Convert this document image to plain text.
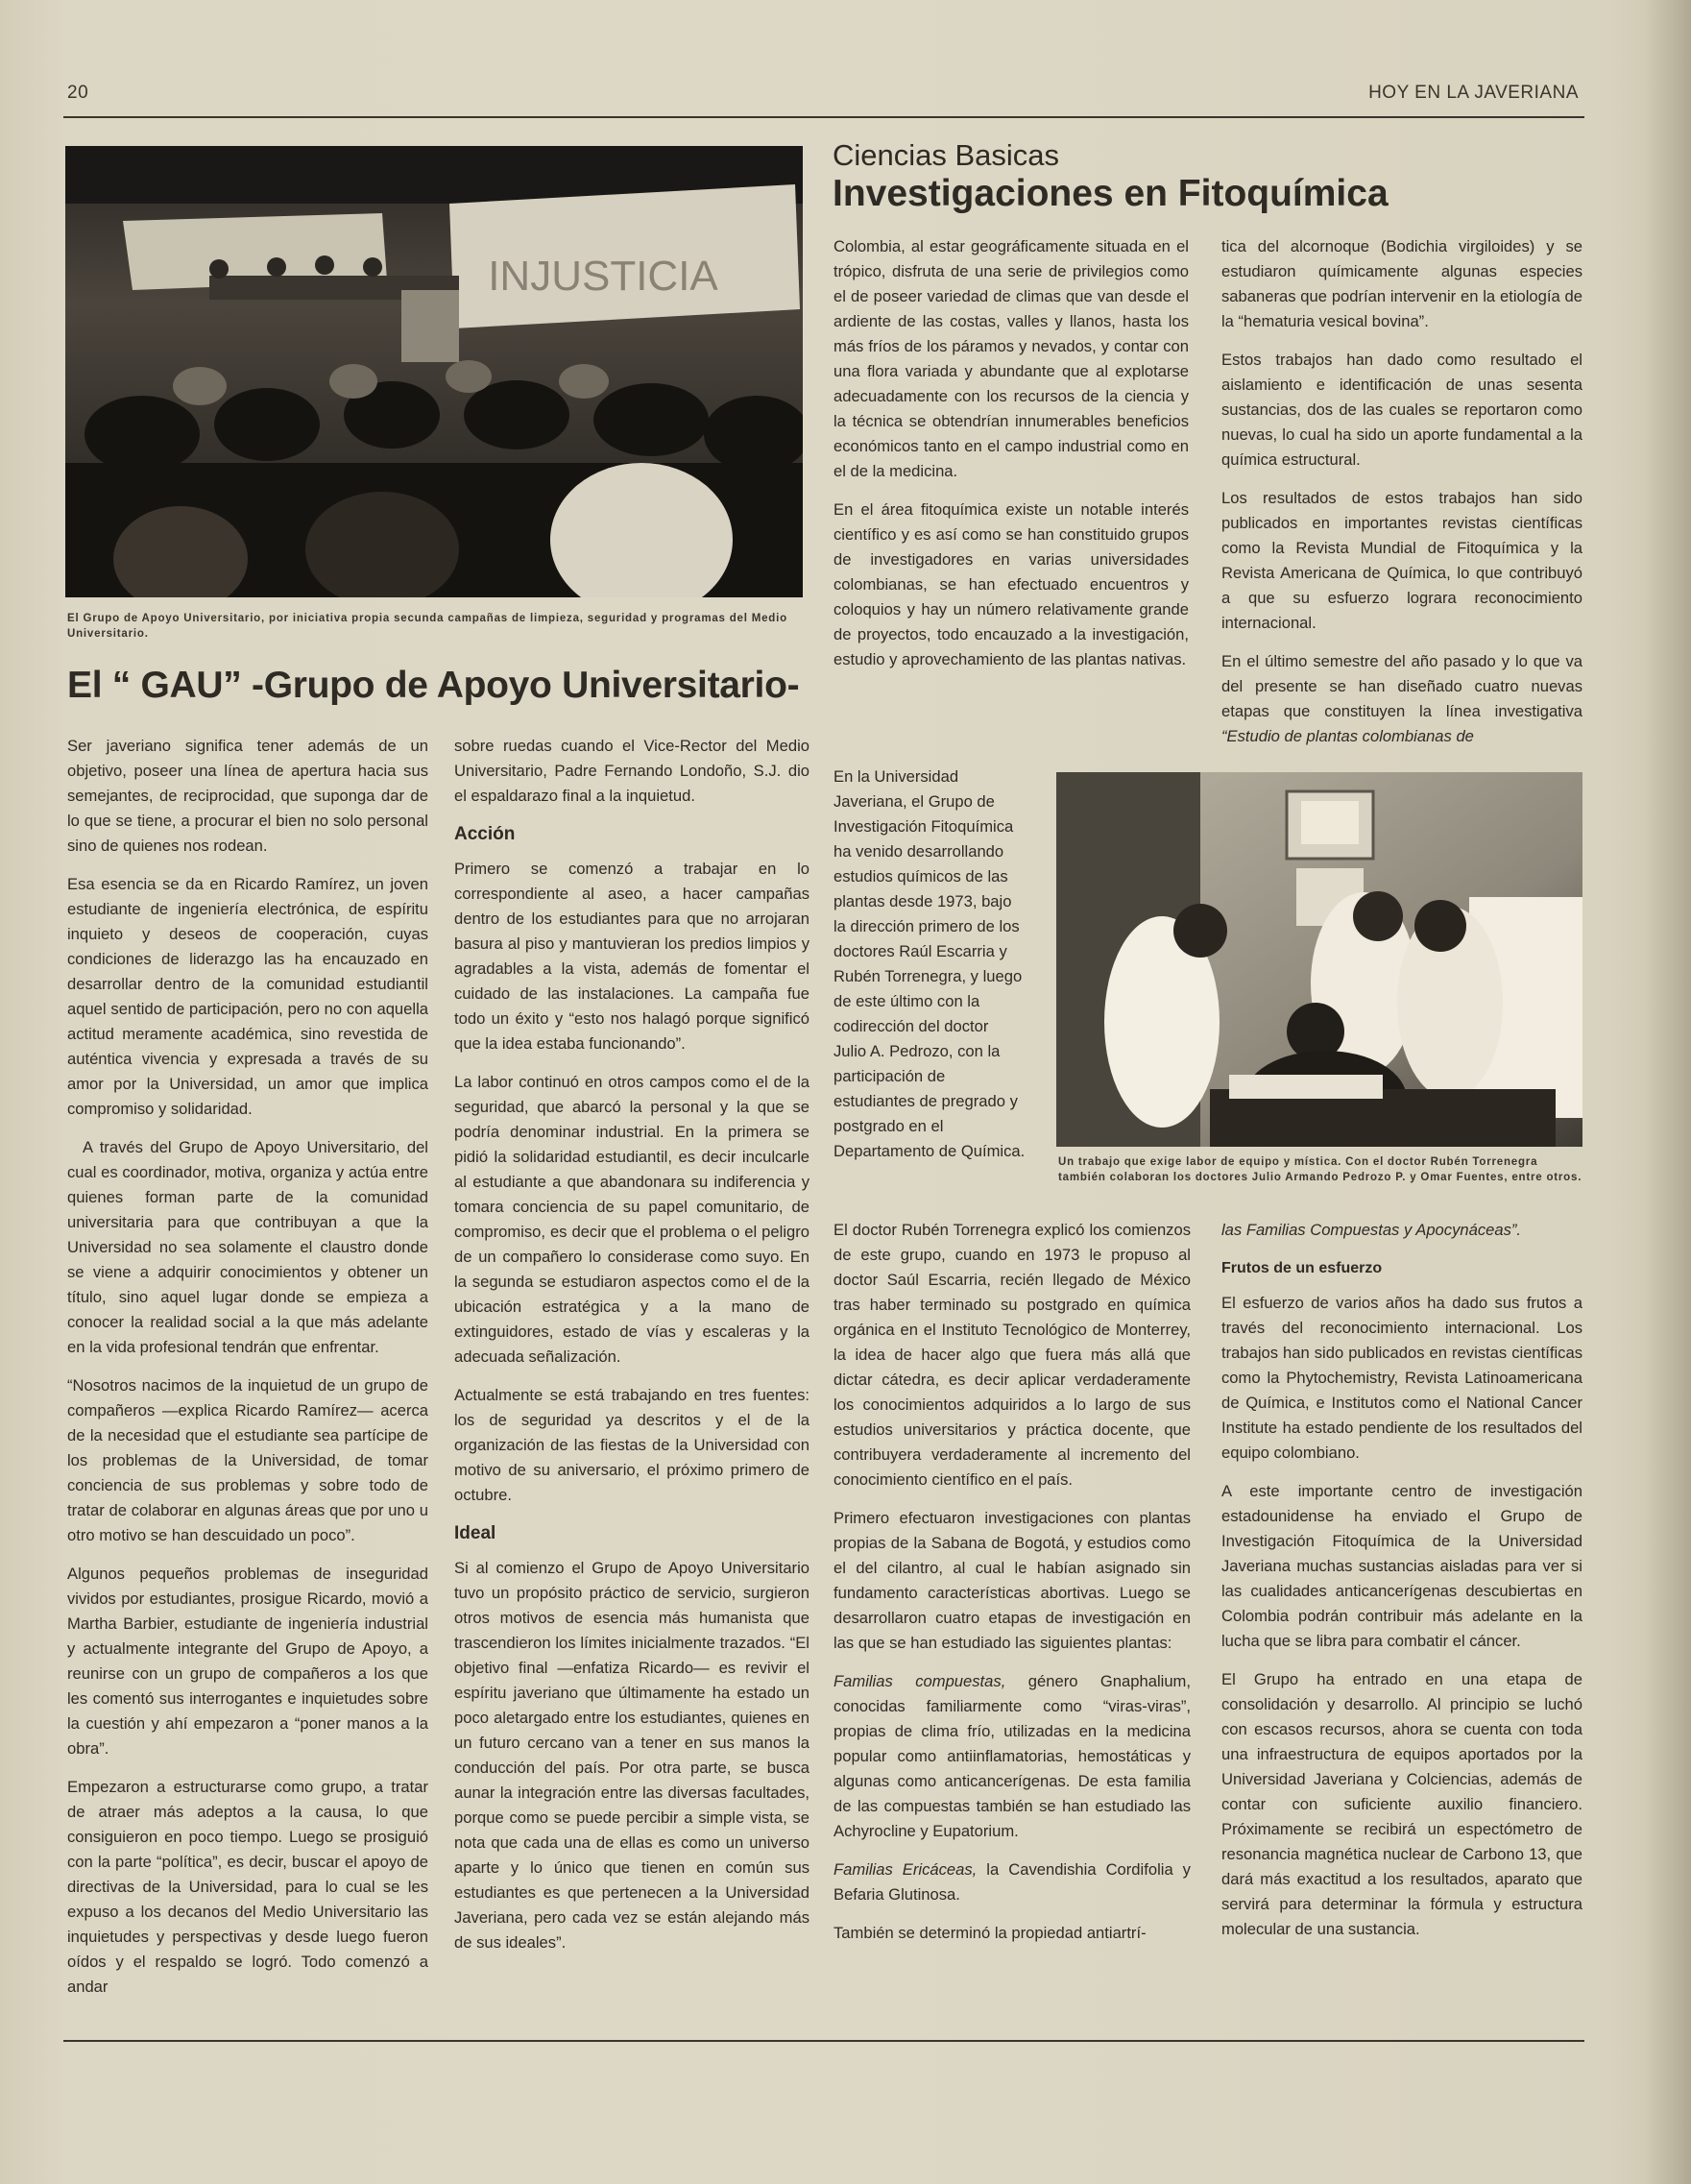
20	HOY EN LA JAVERIANA
INJUSTICIA
El Grupo de Apoyo Universitario, por iniciativa propia secunda campañas de limpieza, seguridad y programas del Medio Universitario.
El “ GAU” -Grupo de Apoyo Universitario-

Ser javeriano significa tener además de un objetivo, poseer una línea de apertura hacia sus semejantes, de reciprocidad, que suponga dar de lo que se tiene, a procurar el bien no solo personal sino de quienes nos rodean.

Esa esencia se da en Ricardo Ramírez, un joven estudiante de ingeniería electrónica, de espíritu inquieto y deseos de cooperación, cuyas condiciones de liderazgo las ha encauzado en desarrollar dentro de la comunidad estudiantil aquel sentido de participación, pero no con aquella actitud meramente académica, sino revestida de auténtica vivencia y expresada a través de su amor por la Universidad, un amor que implica compromiso y solidaridad.

A través del Grupo de Apoyo Universitario, del cual es coordinador, motiva, organiza y actúa entre quienes forman parte de la comunidad universitaria para que contribuyan a que la Universidad no sea solamente el claustro donde se viene a adquirir conocimientos y obtener un título, sino aquel lugar donde se empieza a conocer la realidad social a la que más adelante en la vida profesional tendrán que enfrentar.

“Nosotros nacimos de la inquietud de un grupo de compañeros —explica Ricardo Ramírez— acerca de la necesidad que el estudiante sea partícipe de los problemas de la Universidad, de tomar conciencia de sus problemas y sobre todo de tratar de colaborar en algunas áreas que por uno u otro motivo se han descuidado un poco”.

Algunos pequeños problemas de inseguridad vividos por estudiantes, prosigue Ricardo, movió a Martha Barbier, estudiante de ingeniería industrial y actualmente integrante del Grupo de Apoyo, a reunirse con un grupo de compañeros a los que les comentó sus interrogantes e inquietudes sobre la cuestión y ahí empezaron a “poner manos a la obra”.

Empezaron a estructurarse como grupo, a tratar de atraer más adeptos a la causa, lo que consiguieron en poco tiempo. Luego se prosiguió con la parte “política”, es decir, buscar el apoyo de directivas de la Universidad, para lo cual se les expuso a los decanos del Medio Universitario las inquietudes y perspectivas y desde luego fueron oídos y el respaldo se logró. Todo comenzó a andar

sobre ruedas cuando el Vice-Rector del Medio Universitario, Padre Fernando Londoño, S.J. dio el espaldarazo final a la inquietud.

Acción

Primero se comenzó a trabajar en lo correspondiente al aseo, a hacer campañas dentro de los estudiantes para que no arrojaran basura al piso y mantuvieran los predios limpios y agradables a la vista, además de fomentar el cuidado de las instalaciones. La campaña fue todo un éxito y “esto nos halagó porque significó que la idea estaba funcionando”.

La labor continuó en otros campos como el de la seguridad, que abarcó la personal y la que se podría denominar industrial. En la primera se pidió la solidaridad estudiantil, es decir inculcarle al estudiante a que abandonara su indiferencia y tomara conciencia de su papel comunitario, de compromiso, es decir que el problema o el peligro de un compañero lo considerase como suyo. En la segunda se estudiaron aspectos como el de la ubicación estratégica y a la mano de extinguidores, estado de vías y escaleras y la adecuada señalización.

Actualmente se está trabajando en tres fuentes: los de seguridad ya descritos y el de la organización de las fiestas de la Universidad con motivo de su aniversario, el próximo primero de octubre.

Ideal

Si al comienzo el Grupo de Apoyo Universitario tuvo un propósito práctico de servicio, surgieron otros motivos de esencia más humanista que trascendieron los límites inicialmente trazados. “El objetivo final —enfatiza Ricardo— es revivir el espíritu javeriano que últimamente ha estado un poco aletargado entre los estudiantes, quienes en un futuro cercano van a tener en sus manos la conducción del país. Por otra parte, se busca aunar la integración entre las diversas facultades, porque como se puede percibir a simple vista, se nota que cada una de ellas es como un universo aparte y lo único que tienen en común sus estudiantes es que pertenecen a la Universidad Javeriana, pero cada vez se están alejando más de sus ideales”.

Ciencias Basicas
Investigaciones en Fitoquímica

Colombia, al estar geográficamente situada en el trópico, disfruta de una serie de privilegios como el de poseer variedad de climas que van desde el ardiente de las costas, valles y llanos, hasta los más fríos de los páramos y nevados, y contar con una flora variada y abundante que al explotarse adecuadamente con los recursos de la ciencia y la técnica se obtendrían innumerables beneficios económicos tanto en el campo industrial como en el de la medicina.

En el área fitoquímica existe un notable interés científico y es así como se han constituido grupos de investigadores en varias universidades colombianas, se han efectuado encuentros y coloquios y hay un número relativamente grande de proyectos, todo encauzado a la investigación, estudio y aprovechamiento de las plantas nativas.

tica del alcornoque (Bodichia virgiloides) y se estudiaron químicamente algunas especies sabaneras que podrían intervenir en la etiología de la “hematuria vesical bovina”.

Estos trabajos han dado como resultado el aislamiento e identificación de unas sesenta sustancias, dos de las cuales se reportaron como nuevas, lo cual ha sido un aporte fundamental a la química estructural.

Los resultados de estos trabajos han sido publicados en importantes revistas científicas como la Revista Mundial de Fitoquímica y la Revista Americana de Química, lo que contribuyó a que su esfuerzo lograra reconocimiento internacional.

En el último semestre del año pasado y lo que va del presente se han diseñado cuatro nuevas etapas que constituyen la línea investigativa “Estudio de plantas colombianas de

En la Universidad Javeriana, el Grupo de Investigación Fitoquímica ha venido desarrollando estudios químicos de las plantas desde 1973, bajo la dirección primero de los doctores Raúl Escarria y Rubén Torrenegra, y luego de este último con la codirección del doctor Julio A. Pedrozo, con la participación de estudiantes de pregrado y postgrado en el Departamento de Química.

Un trabajo que exige labor de equipo y mística. Con el doctor Rubén Torrenegra también colaboran los doctores Julio Armando Pedrozo P. y Omar Fuentes, entre otros.

El doctor Rubén Torrenegra explicó los comienzos de este grupo, cuando en 1973 le propuso al doctor Saúl Escarria, recién llegado de México tras haber terminado su postgrado en química orgánica en el Instituto Tecnológico de Monterrey, la idea de hacer algo que fuera más allá que dictar cátedra, es decir aplicar verdaderamente los conocimientos adquiridos a lo largo de sus estudios universitarios y práctica docente, que contribuyera verdaderamente al incremento del conocimiento científico en el país.

Primero efectuaron investigaciones con plantas propias de la Sabana de Bogotá, y estudios como el del cilantro, al cual le habían asignado sin fundamento características abortivas. Luego se desarrollaron cuatro etapas de investigación en las que se han estudiado las siguientes plantas:

Familias compuestas, género Gnaphalium, conocidas familiarmente como “viras-viras”, propias de clima frío, utilizadas en la medicina popular como antiinflamatorias, hemostáticas y algunas como anticancerígenas. De esta familia de las compuestas también se han estudiado las Achyrocline y Eupatorium.

Familias Ericáceas, la Cavendishia Cordifolia y Befaria Glutinosa.

También se determinó la propiedad antiartrí-

las Familias Compuestas y Apocynáceas”.

Frutos de un esfuerzo

El esfuerzo de varios años ha dado sus frutos a través del reconocimiento internacional. Los trabajos han sido publicados en revistas científicas como la Phytochemistry, Revista Latinoamericana de Química, e Institutos como el National Cancer Institute ha estado pendiente de los resultados del equipo colombiano.

A este importante centro de investigación estadounidense ha enviado el Grupo de Investigación Fitoquímica de la Universidad Javeriana muchas sustancias aisladas para ver si las cualidades anticancerígenas descubiertas en Colombia podrán contribuir más adelante en la lucha que se libra para combatir el cáncer.

El Grupo ha entrado en una etapa de consolidación y desarrollo. Al principio se luchó con escasos recursos, ahora se cuenta con toda una infraestructura de equipos aportados por la Universidad Javeriana y Colciencias, además de contar con suficiente auxilio financiero. Próximamente se recibirá un espectómetro de resonancia magnética nuclear de Carbono 13, que dará más exactitud a los resultados, aparato que servirá para determinar la fórmula y estructura molecular de una sustancia.
